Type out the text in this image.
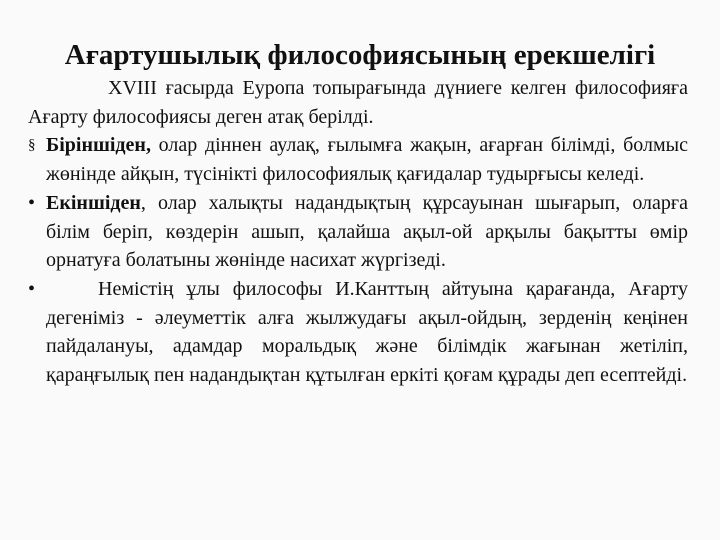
Ағартушылық философиясының ерекшелігі

XVIII ғасырда Еуропа топырағында дүниеге келген философияға Ағарту философиясы деген атақ берілді.

§ Біріншіден, олар діннен аулақ, ғылымға жақын, ағарған білімді, болмыс жөнінде айқын, түсінікті философиялық қағидалар тудырғысы келеді.

• Екіншіден, олар халықты надандықтың құрсауынан шығарып, оларға білім беріп, көздерін ашып, қалайша ақыл-ой арқылы бақытты өмір орнатуға болатыны жөнінде насихат жүргізеді.

•	Немістің ұлы философы И.Канттың айтуына қарағанда, Ағарту дегеніміз - әлеуметтік алға жылжудағы ақыл-ойдың, зерденің кеңінен пайдалануы, адамдар моральдық және білімдік жағынан жетіліп, қараңғылық пен надандықтан құтылған еркіті қоғам құрады деп есептейді.
